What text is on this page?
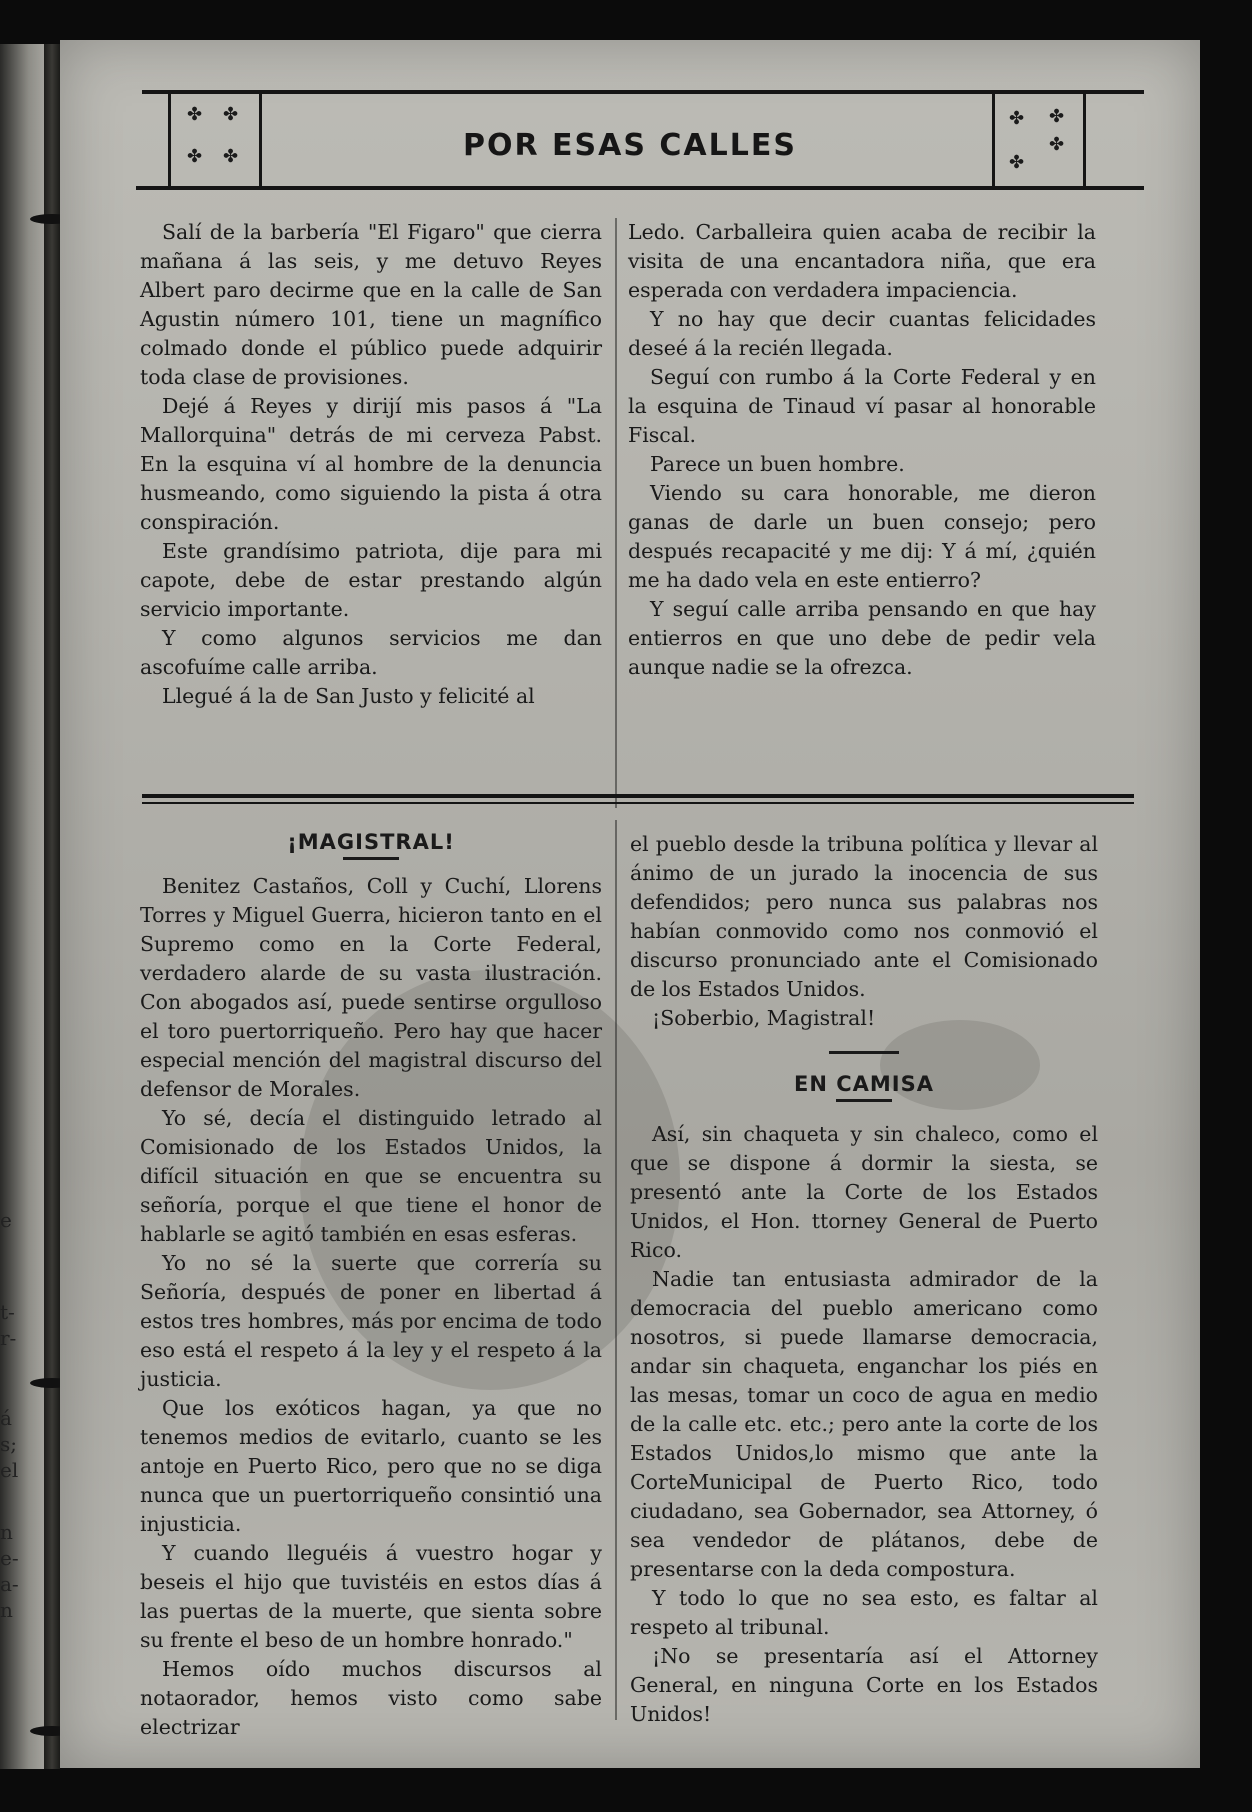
e
t-
r-
á
s;
el
n
e-
a-
n
✤ ✤
✤ ✤	POR ESAS CALLES
✤ ✤
✤
✤

Salí de la barbería "El Figaro" que cierra mañana á las seis, y me detuvo Reyes Albert paro decirme que en la calle de San Agustin número 101, tiene un magnífico colmado donde el público puede adquirir toda clase de provisiones.

Dejé á Reyes y dirijí mis pasos á "La Mallorquina" detrás de mi cerveza Pabst. En la esquina ví al hombre de la denuncia husmeando, como siguiendo la pista á otra conspiración.

Este grandísimo patriota, dije para mi capote, debe de estar prestando algún servicio importante.

Y como algunos servicios me dan ascofuíme calle arriba.

Llegué á la de San Justo y felicité al

Ledo. Carballeira quien acaba de recibir la visita de una encantadora niña, que era esperada con verdadera impaciencia.

Y no hay que decir cuantas felicidades deseé á la recién llegada.

Seguí con rumbo á la Corte Federal y en la esquina de Tinaud ví pasar al honorable Fiscal.

Parece un buen hombre.

Viendo su cara honorable, me dieron ganas de darle un buen consejo; pero después recapacité y me dij: Y á mí, ¿quién me ha dado vela en este entierro?

Y seguí calle arriba pensando en que hay entierros en que uno debe de pedir vela aunque nadie se la ofrezca.

¡MAGISTRAL!

Benitez Castaños, Coll y Cuchí, Llorens Torres y Miguel Guerra, hicieron tanto en el Supremo como en la Corte Federal, verdadero alarde de su vasta ilustración. Con abogados así, puede sentirse orgulloso el toro puertorriqueño. Pero hay que hacer especial mención del magistral discurso del defensor de Morales.

Yo sé, decía el distinguido letrado al Comisionado de los Estados Unidos, la difícil situación en que se encuentra su señoría, porque el que tiene el honor de hablarle se agitó también en esas esferas.

Yo no sé la suerte que correría su Señoría, después de poner en libertad á estos tres hombres, más por encima de todo eso está el respeto á la ley y el respeto á la justicia.

Que los exóticos hagan, ya que no tenemos medios de evitarlo, cuanto se les antoje en Puerto Rico, pero que no se diga nunca que un puertorriqueño consintió una injusticia.

Y cuando lleguéis á vuestro hogar y beseis el hijo que tuvistéis en estos días á las puertas de la muerte, que sienta sobre su frente el beso de un hombre honrado."

Hemos oído muchos discursos al notaorador, hemos visto como sabe electrizar

el pueblo desde la tribuna política y llevar al ánimo de un jurado la inocencia de sus defendidos; pero nunca sus palabras nos habían conmovido como nos conmovió el discurso pronunciado ante el Comisionado de los Estados Unidos.

¡Soberbio, Magistral!

EN CAMISA

Así, sin chaqueta y sin chaleco, como el que se dispone á dormir la siesta, se presentó ante la Corte de los Estados Unidos, el Hon. ttorney General de Puerto Rico.

Nadie tan entusiasta admirador de la democracia del pueblo americano como nosotros, si puede llamarse democracia, andar sin chaqueta, enganchar los piés en las mesas, tomar un coco de agua en medio de la calle etc. etc.; pero ante la corte de los Estados Unidos,lo mismo que ante la CorteMunicipal de Puerto Rico, todo ciudadano, sea Gobernador, sea Attorney, ó sea vendedor de plátanos, debe de presentarse con la deda compostura.

Y todo lo que no sea esto, es faltar al respeto al tribunal.

¡No se presentaría así el Attorney General, en ninguna Corte en los Estados Unidos!
